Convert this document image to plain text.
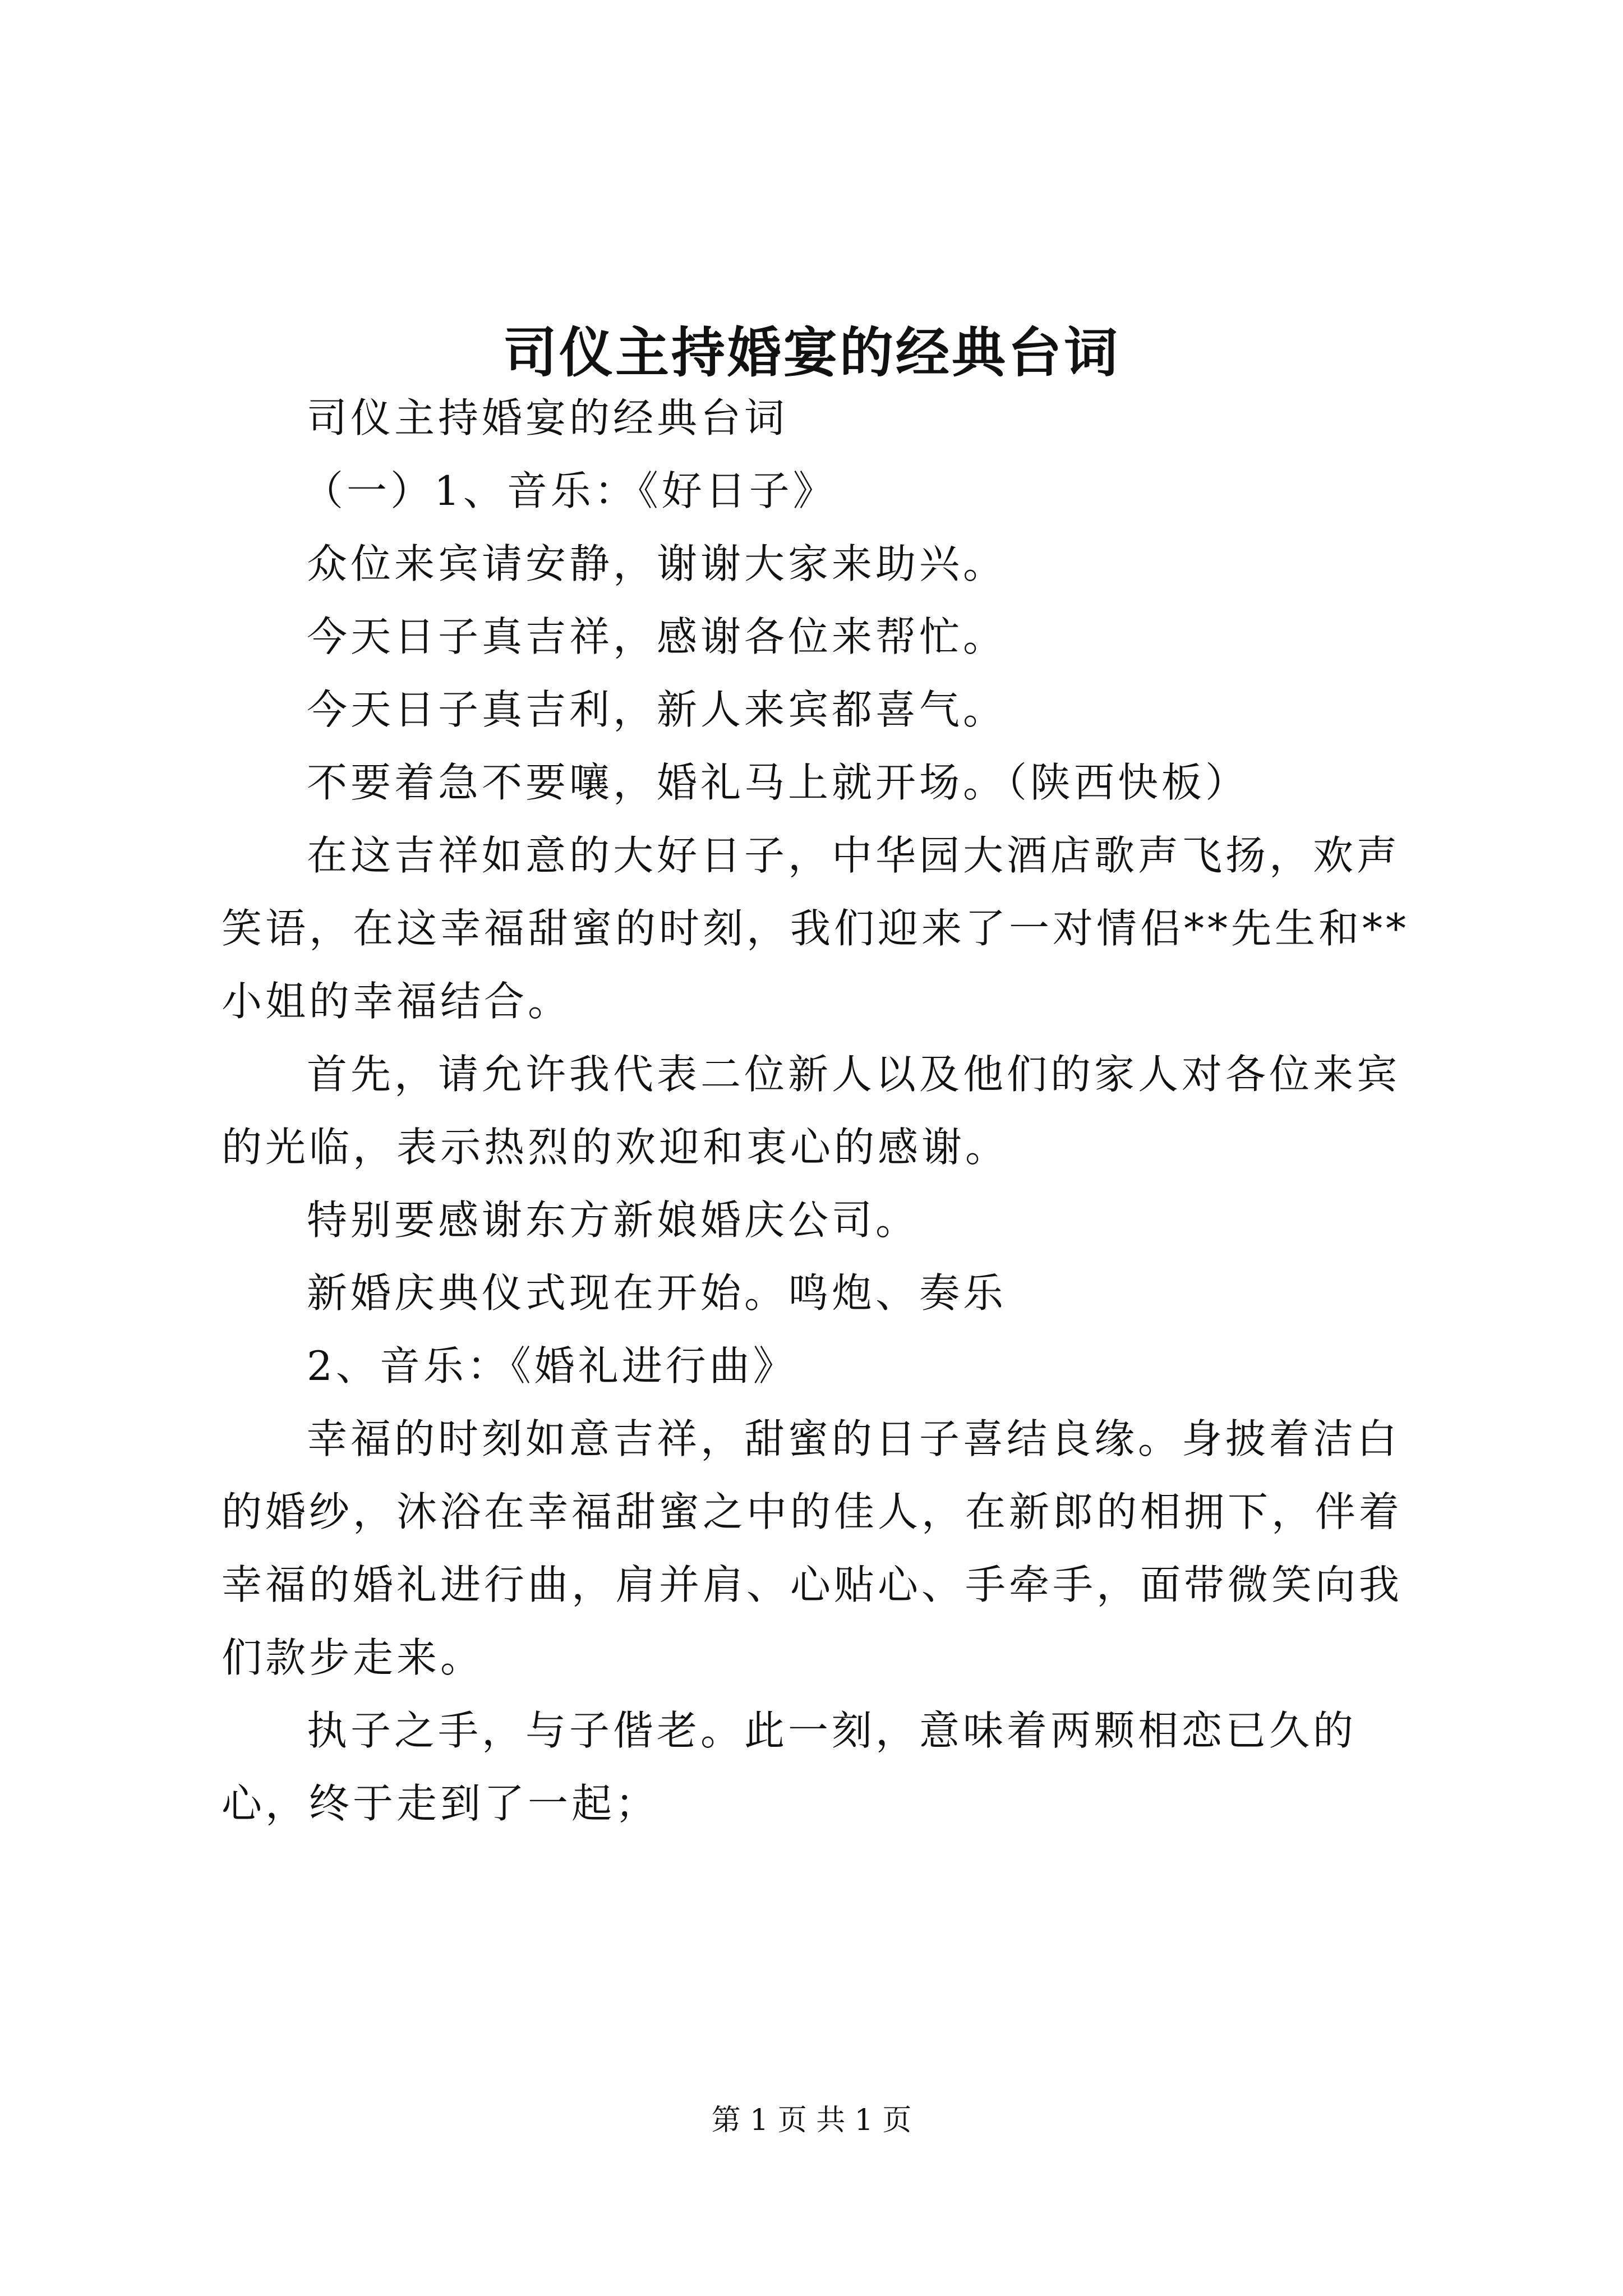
司仪主持婚宴的经典台词

司仪主持婚宴的经典台词

（一）1、音乐：《好日子》

众位来宾请安静，谢谢大家来助兴。

今天日子真吉祥，感谢各位来帮忙。

今天日子真吉利，新人来宾都喜气。

不要着急不要嚷，婚礼马上就开场。（陕西快板）

在这吉祥如意的大好日子，中华园大酒店歌声飞扬，欢声笑语，在这幸福甜蜜的时刻，我们迎来了一对情侣**先生和**小姐的幸福结合。

首先，请允许我代表二位新人以及他们的家人对各位来宾的光临，表示热烈的欢迎和衷心的感谢。

特别要感谢东方新娘婚庆公司。

新婚庆典仪式现在开始。鸣炮、奏乐

2、音乐：《婚礼进行曲》

幸福的时刻如意吉祥，甜蜜的日子喜结良缘。身披着洁白的婚纱，沐浴在幸福甜蜜之中的佳人，在新郎的相拥下，伴着幸福的婚礼进行曲，肩并肩、心贴心、手牵手，面带微笑向我们款步走来。

执子之手，与子偕老。此一刻，意味着两颗相恋已久的心，终于走到了一起；

第 1 页 共 1 页
